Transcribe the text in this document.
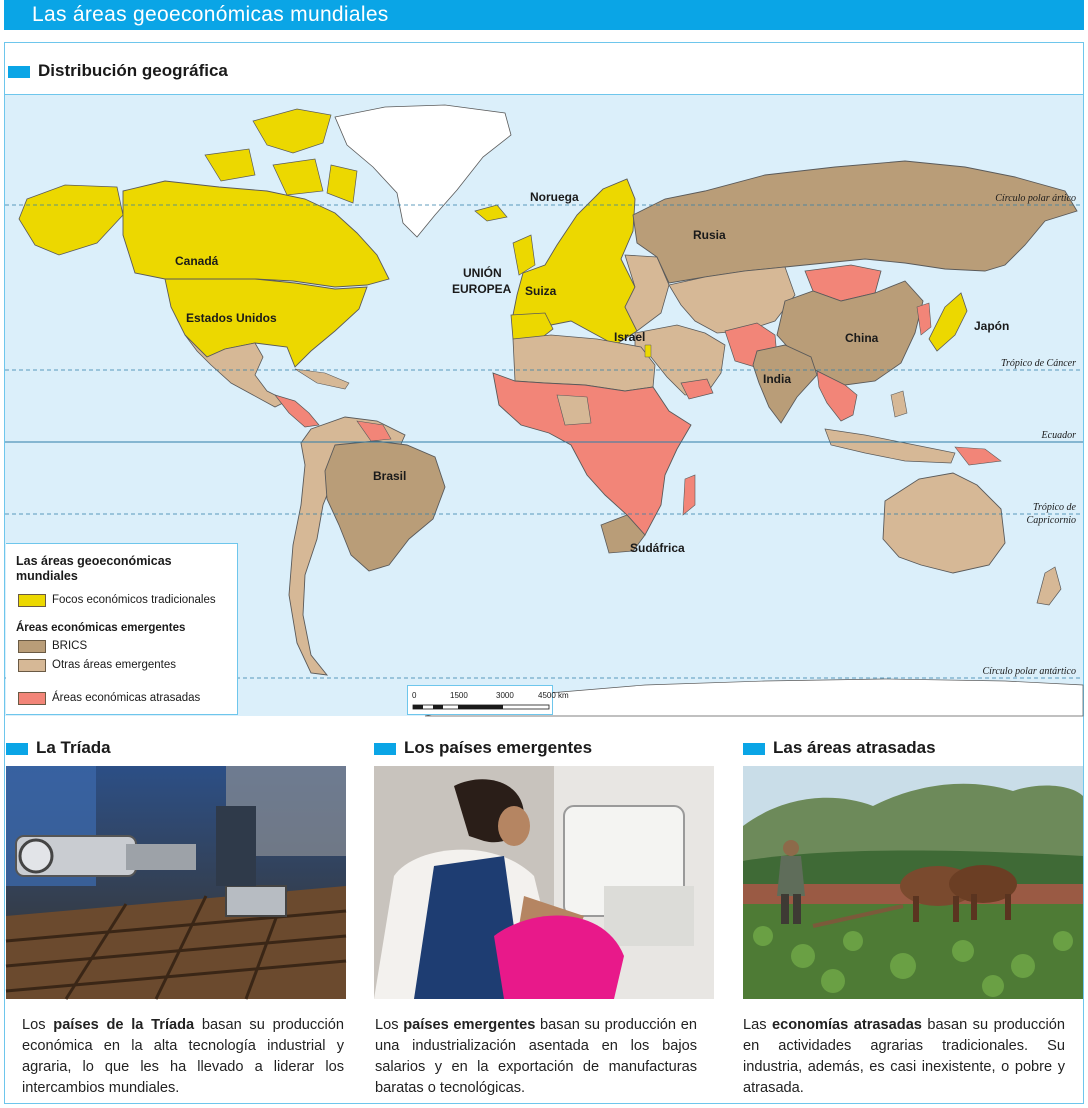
Las áreas geoeconómicas mundiales
Distribución geográfica
Círculo polar ártico
Trópico de Cáncer
Ecuador
Trópico de
Capricornio
Círculo polar antártico
Canadá
Estados Unidos
Noruega
UNIÓN
EUROPEA Suiza
Israel
Rusia
China
Japón
India
Brasil
Sudáfrica
Las áreas geoeconómicas mundiales
Focos económicos tradicionales
Áreas económicas emergentes
BRICS
Otras áreas emergentes
Áreas económicas atrasadas	0	1500	3000	4500 km
La Tríada	Los países emergentes	Las áreas atrasadas
Los países de la Tríada basan su producción económica en la alta tecnología industrial y agraria, lo que les ha llevado a liderar los intercambios mundiales.
Los países emergentes basan su producción en una industrialización asentada en los bajos salarios y en la exportación de manufacturas baratas o tecnológicas.
Las economías atrasadas basan su producción en actividades agrarias tradicionales. Su industria, además, es casi inexistente, o pobre y atrasada.
